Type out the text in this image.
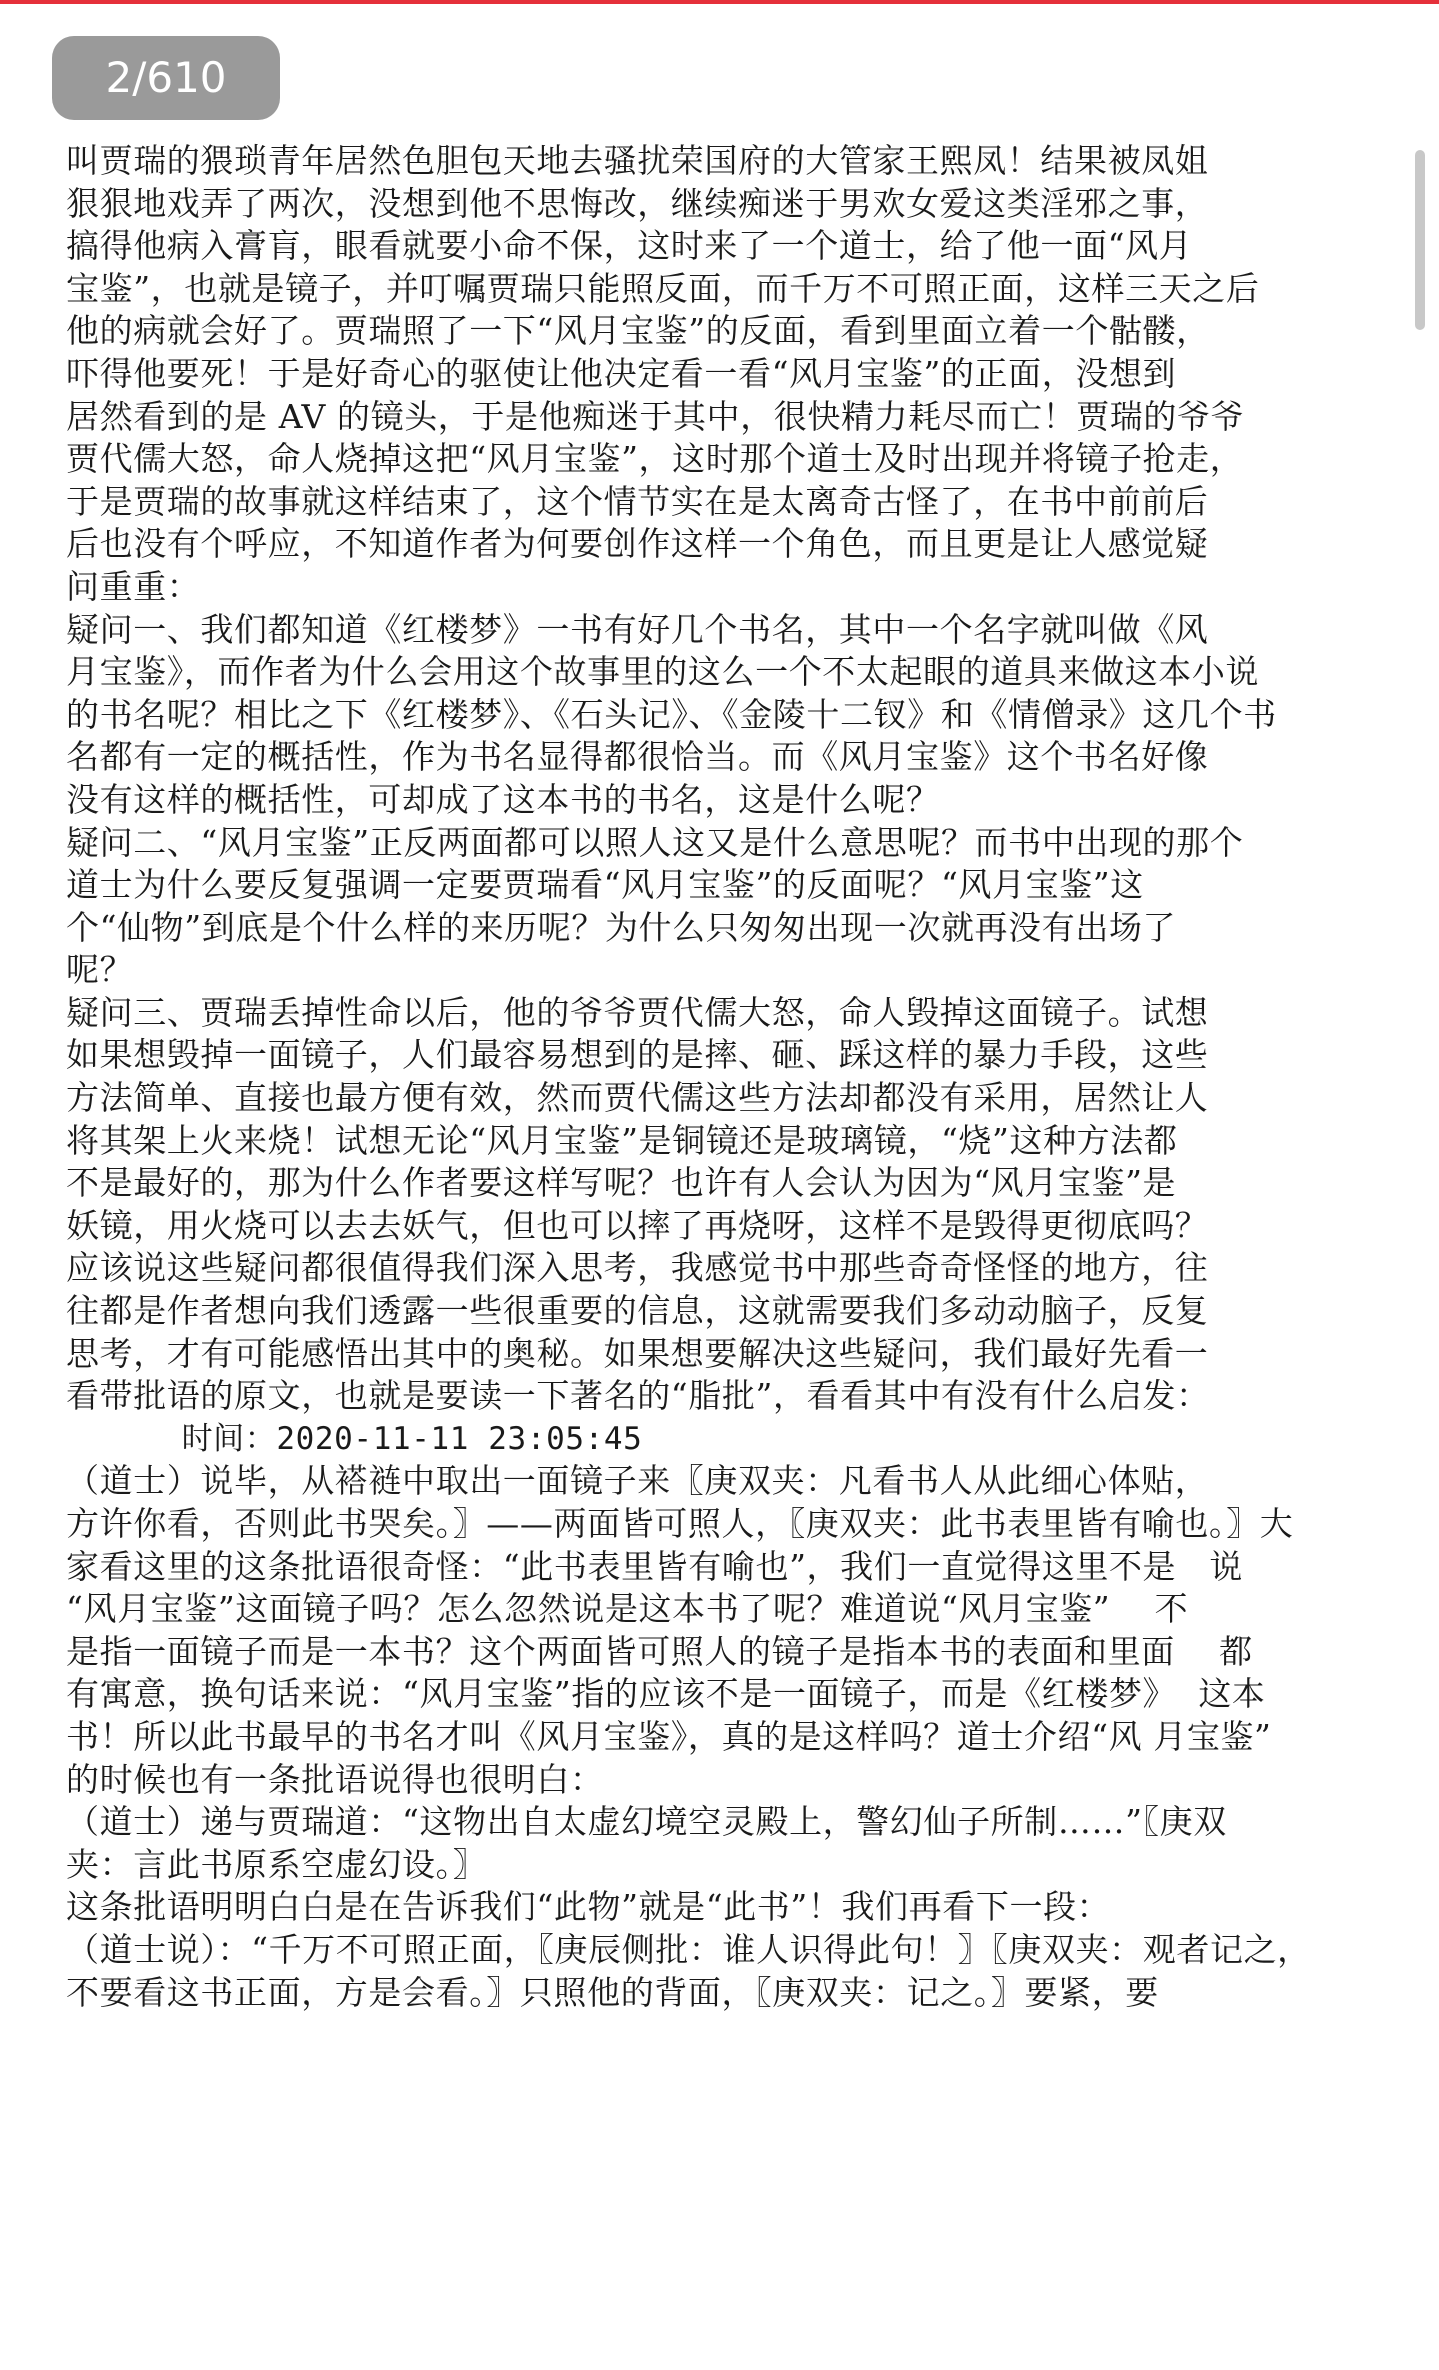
2/610
叫贾瑞的猥琐青年居然色胆包天地去骚扰荣国府的大管家王熙凤！结果被凤姐
狠狠地戏弄了两次，没想到他不思悔改，继续痴迷于男欢女爱这类淫邪之事，
搞得他病入膏肓，眼看就要小命不保，这时来了一个道士，给了他一面“风月
宝鉴”，也就是镜子，并叮嘱贾瑞只能照反面，而千万不可照正面，这样三天之后
他的病就会好了。贾瑞照了一下“风月宝鉴”的反面，看到里面立着一个骷髅，
吓得他要死！于是好奇心的驱使让他决定看一看“风月宝鉴”的正面，没想到
居然看到的是 AV 的镜头，于是他痴迷于其中，很快精力耗尽而亡！贾瑞的爷爷
贾代儒大怒，命人烧掉这把“风月宝鉴”，这时那个道士及时出现并将镜子抢走，
于是贾瑞的故事就这样结束了，这个情节实在是太离奇古怪了，在书中前前后
后也没有个呼应，不知道作者为何要创作这样一个角色，而且更是让人感觉疑
问重重：
疑问一、我们都知道《红楼梦》一书有好几个书名，其中一个名字就叫做《风
月宝鉴》，而作者为什么会用这个故事里的这么一个不太起眼的道具来做这本小说
的书名呢？相比之下《红楼梦》、《石头记》、《金陵十二钗》和《情僧录》这几个书
名都有一定的概括性，作为书名显得都很恰当。而《风月宝鉴》这个书名好像
没有这样的概括性，可却成了这本书的书名，这是什么呢？
疑问二、“风月宝鉴”正反两面都可以照人这又是什么意思呢？而书中出现的那个
道士为什么要反复强调一定要贾瑞看“风月宝鉴”的反面呢？“风月宝鉴”这
个“仙物”到底是个什么样的来历呢？为什么只匆匆出现一次就再没有出场了
呢？
疑问三、贾瑞丢掉性命以后，他的爷爷贾代儒大怒，命人毁掉这面镜子。试想
如果想毁掉一面镜子，人们最容易想到的是摔、砸、踩这样的暴力手段，这些
方法简单、直接也最方便有效，然而贾代儒这些方法却都没有采用，居然让人
将其架上火来烧！试想无论“风月宝鉴”是铜镜还是玻璃镜，“烧”这种方法都
不是最好的，那为什么作者要这样写呢？也许有人会认为因为“风月宝鉴”是
妖镜，用火烧可以去去妖气，但也可以摔了再烧呀，这样不是毁得更彻底吗？
应该说这些疑问都很值得我们深入思考，我感觉书中那些奇奇怪怪的地方，往
往都是作者想向我们透露一些很重要的信息，这就需要我们多动动脑子，反复
思考，才有可能感悟出其中的奥秘。如果想要解决这些疑问，我们最好先看一
看带批语的原文，也就是要读一下著名的“脂批”，看看其中有没有什么启发：
时间：2020-11-11 23:05:45
（道士）说毕，从褡裢中取出一面镜子来〖庚双夹：凡看书人从此细心体贴，
方许你看，否则此书哭矣。〗——两面皆可照人，〖庚双夹：此书表里皆有喻也。〗大
家看这里的这条批语很奇怪：“此书表里皆有喻也”，我们一直觉得这里不是   说
“风月宝鉴”这面镜子吗？怎么忽然说是这本书了呢？难道说“风月宝鉴”    不
是指一面镜子而是一本书？这个两面皆可照人的镜子是指本书的表面和里面    都
有寓意，换句话来说：“风月宝鉴”指的应该不是一面镜子，而是《红楼梦》  这本
书！所以此书最早的书名才叫《风月宝鉴》，真的是这样吗？道士介绍“风 月宝鉴”
的时候也有一条批语说得也很明白：
（道士）递与贾瑞道：“这物出自太虚幻境空灵殿上，警幻仙子所制……”〖庚双
夹：言此书原系空虚幻设。〗
这条批语明明白白是在告诉我们“此物”就是“此书”！我们再看下一段：
（道士说）：“千万不可照正面，〖庚辰侧批：谁人识得此句！〗〖庚双夹：观者记之，
不要看这书正面，方是会看。〗只照他的背面，〖庚双夹：记之。〗要紧，要
